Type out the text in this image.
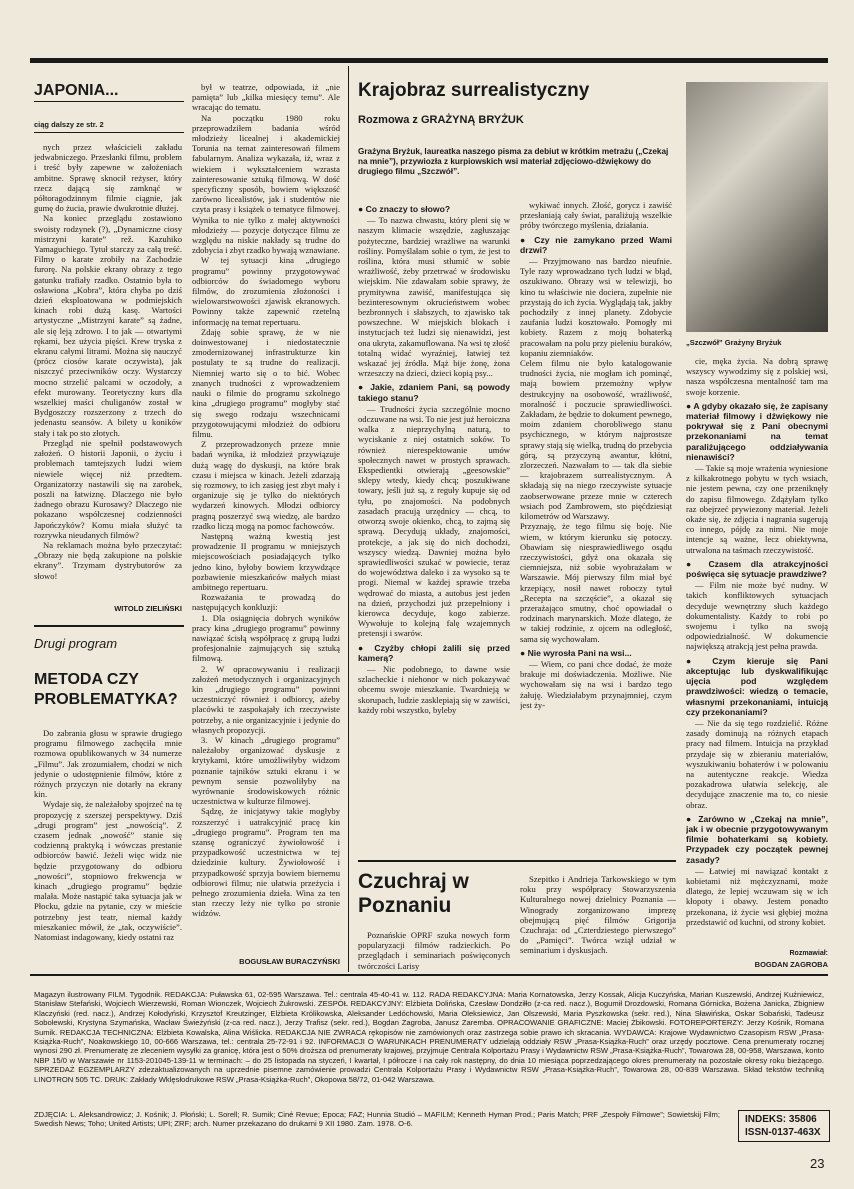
JAPONIA...
ciąg dalszy ze str. 2

nych przez właścicieli zakładu jedwabniczego. Przesłanki filmu, problem i treść były zapewne w założeniach ambitne. Sprawę sknocił reżyser, który rzecz dającą się zamknąć w półtoragodzinnym filmie ciągnie, jak gumę do żucia, prawie dwukrotnie dłużej.

Na koniec przeglądu zostawiono swoisty rodzynek (?), „Dynamiczne ciosy mistrzyni karate” rež. Kazuhiko Yamaguchiego. Tytuł starczy za całą treść. Filmy o karate zrobiły na Zachodzie furorę. Na polskie ekrany obrazy z tego gatunku trafiały rzadko. Ostatnio była to osławiona „Kobra”, która chyba po dziś dzień eksploatowana w podmiejskich kinach robi dużą kasę. Wartości artystyczne „Mistrzyni karate” są żadne, ale się leją zdrowo. I to jak — otwartymi rękami, bez użycia pięści. Krew tryska z ekranu całymi litrami. Można się nauczyć (prócz ciosów karate oczywista), jak niszczyć przeciwników oczy. Wystarczy mocno strzelić palcami w oczodoły, a efekt murowany. Teoretyczny kurs dla wszelkiej maści chuliganów został w Bydgoszczy rozszerzony z trzech do jedenastu seansów. A bilety u koników stały i tak po sto złotych.

Przegląd nie spełnił podstawowych założeń. O historii Japonii, o życiu i problemach tamtejszych ludzi wiem niewiele więcej niż przedtem. Organizatorzy nastawili się na zarobek, poszli na łatwiznę. Dlaczego nie było żadnego obrazu Kurosawy? Dlaczego nie pokazano współczesnej codzienności Japończyków? Komu miała służyć ta rozrywka nieudanych filmów?

Na reklamach można było przeczytać: „Obrazy nie będą zakupione na polskie ekrany”. Trzymam dystrybutorów za słowo!

WITOLD ZIELIŃSKI
Drugi program
METODA CZY PROBLEMATYKA?

Do zabrania głosu w sprawie drugiego programu filmowego zachęciła mnie rozmowa opublikowanych w 34 numerze „Filmu”. Jak zrozumiałem, chodzi w nich jedynie o udostępnienie filmów, które z różnych przyczyn nie dotarły na ekrany kin.

Wydaje się, że należałoby spojrzeć na tę propozycję z szerszej perspektywy. Dziś „drugi program” jest „nowością”. Z czasem jednak „nowość” stanie się codzienną praktyką i wówczas prestanie odbiorców bawić. Jeżeli więc widz nie będzie przygotowany do odbioru „nowości”, stopniowo frekwencja w kinach „drugiego programu” będzie malała. Może nastąpić taka sytuacja jak w Płocku, gdzie na pytanie, czy w mieście potrzebny jest teatr, niemal każdy mieszkaniec mówił, że „tak, oczywiście”. Natomiast indagowany, kiedy ostatni raz

był w teatrze, odpowiada, iż „nie pamięta” lub „kilka miesięcy temu”. Ale wracając do tematu.

Na początku 1980 roku przeprowadziłem badania wśród młodzieży licealnej i akademickiej Torunia na temat zainteresowań filmem fabularnym. Analiza wykazała, iż, wraz z wiekiem i wykształceniem wzrasta zainteresowanie sztuką filmową. W dość specyficzny sposób, bowiem większość zarówno licealistów, jak i studentów nie czyta prasy i książek o tematyce filmowej. Wynika to nie tylko z małej aktywności młodzieży — pozycje dotyczące filmu ze względu na niskie nakłady są trudne do zdobycia i zbyt rzadko bywają wznawiane.

W tej sytuacji kina „drugiego programu” powinny przygotowywać odbiorców do świadomego wyboru filmów, do zrozumienia złożoności i wielowarstwowości zjawisk ekranowych. Powinny także zapewnić rzetelną informację na temat repertuaru.

Zdaję sobie sprawę, że w nie doinwestowanej i niedostatecznie zmodernizowanej infrastrukturze kin postulaty te są trudne do realizacji. Niemniej warto się o to bić. Wobec znanych trudności z wprowadzeniem nauki o filmie do programu szkolnego kina „drugiego programu” mogłyby stać się swego rodzaju wszechnicami przygotowującymi młodzież do odbioru filmu.

Z przeprowadzonych przeze mnie badań wynika, iż młodzież przywiązuje dużą wagę do dyskusji, na które brak czasu i miejsca w kinach. Jeżeli zdarzają się rozmowy, to ich zasięg jest zbyt mały i organizuje się je tylko do niektórych wydarzeń kinowych. Młodzi odbiorcy pragną poszerzyć swą wiedzę, ale bardzo rzadko liczą mogą na pomoc fachowców.

Następną ważną kwestią jest prowadzenie II programu w mniejszych miejscowościach posiadających tylko jedno kino, byłoby bowiem krzywdzące pozbawienie mieszkańców małych miast ambitnego repertuaru.

Rozważania te prowadzą do następujących konkluzji:

1. Dla osiągnięcia dobrych wyników pracy kina „drugiego programu” powinny nawiązać ścisłą współpracę z grupą ludzi profesjonalnie zajmujących się sztuką filmową.

2. W opracowywaniu i realizacji założeń metodycznych i organizacyjnych kin „drugiego programu” powinni uczestniczyć również i odbiorcy, ażeby placówki te zaspokajały ich rzeczywiste potrzeby, a nie organizacyjnie i jedynie do własnych propozycji.

3. W kinach „drugiego programu” należałoby organizować dyskusje z krytykami, które umożliwiłyby widzom poznanie tajników sztuki ekranu i w pewnym sensie pozwoliłyby na wyrównanie środowiskowych różnic uczestnictwa w kulturze filmowej.

Sądzę, że inicjatywy takie mogłyby rozszerzyć i uatrakcyjnić pracę kin „drugiego programu”. Program ten ma szansę ograniczyć żywiołowość i przypadkowość uczestnictwa w tej dziedzinie kultury. Żywiołowość i przypadkowość sprzyja bowiem biernemu odbiorowi filmu; nie ułatwia przeżycia i pełnego zrozumienia dzieła. Wina za ten stan rzeczy leży nie tylko po stronie widzów.

BOGUSŁAW BURACZYŃSKI
Krajobraz surrealistyczny
Rozmowa z GRAŻYNĄ BRYŻUK
Grażyna Bryżuk, laureatka naszego pisma za debiut w krótkim metrażu („Czekaj na mnie”), przywiozła z kurpiowskich wsi materiał zdjęciowo-dźwiękowy do drugiego filmu „Szczwół”.
„Szczwół” Grażyny Bryżuk
● Co znaczy to słowo?

— To nazwa chwastu, który pleni się w naszym klimacie wszędzie, zagłuszając pożyteczne, bardziej wrażliwe na warunki rośliny. Pomyślałam sobie o tym, że jest to roślina, która musi stłumić w sobie wrażliwość, żeby przetrwać w środowisku wiejskim. Nie zdawałam sobie sprawy, że prymitywna zawiść, manifestująca się bezinteresownym okrucieństwem wobec bezbronnych i słabszych, to zjawisko tak powszechne. W miejskich blokach i instytucjach też ludzi się nienawidzi, jest ona ukryta, zakamuflowana. Na wsi tę złość totalną widać wyraźniej, łatwiej też wskazać jej źródła. Mąż bije żonę, żona wrzeszczy na dzieci, dzieci kopią psy...

● Jakie, zdaniem Pani, są powody takiego stanu?

— Trudności życia szczególnie mocno odczuwane na wsi. To nie jest już heroiczna walka z nieprzychylną naturą, to wyciskanie z niej ostatnich soków. To również nierespektowanie umów społecznych nawet w prostych sprawach. Ekspedientki otwierają „geesowskie” sklepy wtedy, kiedy chcą; poszukiwane towary, jeśli już są, z reguły kupuje się od tyłu, po znajomości. Na podobnych zasadach pracują urzędnicy — chcą, to otworzą swoje okienko, chcą, to zajmą się sprawą. Decydują układy, znajomości, protekcje, a jak się do nich dochodzi, wszyscy wiedzą. Dawniej można było sprawiedliwości szukać w powiecie, teraz do województwa daleko i za wysoko są te progi. Niemal w każdej sprawie trzeba wędrować do miasta, a autobus jest jeden na dzień, przychodzi już przepełniony i kierowca decyduje, kogo zabierze. Wywołuje to kolejną falę wzajemnych pretensji i swarów.

● Czyżby chłopi żalili się przed kamerą?

— Nic podobnego, to dawne wsie szlacheckie i niehonor w nich pokazywać obcemu swoje mieszkanie. Twardnieją w skorupach, ludzie zasklepiają się w zawiści, każdy robi wszystko, byleby

wykiwać innych. Złość, gorycz i zawiść przesłaniają cały świat, paraliżują wszelkie próby twórczego myślenia, działania.

● Czy nie zamykano przed Wami drzwi?

— Przyjmowano nas bardzo nieufnie. Tyle razy wprowadzano tych ludzi w błąd, oszukiwano. Obrazy wsi w telewizji, bo kino tu właściwie nie dociera, zupełnie nie przystają do ich życia. Wyglądają tak, jakby pochodziły z innej planety. Zdobycie zaufania ludzi kosztowało. Pomogły mi kobiety. Razem z mojq bohaterką pracowałam na polu przy pieleniu buraków, kopaniu ziemniaków.
Celem filmu nie było katalogowanie trudności życia, nie mogłam ich pominąć, mają bowiem przemożny wpływ destrukcyjny na osobowość, wrażliwość, moralność i poczucie sprawiedliwości. Zakładam, że będzie to dokument pewnego, moim zdaniem chorobliwego stanu psychicznego, w którym najprostsze sprawy stają się wielką, trudną do przebycia górą, są przyczyną awantur, kłótni, zlorzeczeń. Nazwałam to — tak dla siebie — krajobrazem surrealistycznym. A składają się na niego rzeczywiste sytuacje zaobserwowane przeze mnie w czterech wsiach pod Zambrowem, sto pięćdziesiąt kilometrów od Warszawy.
Przyznaję, że tego filmu się boję. Nie wiem, w którym kierunku się potoczy. Obawiam się niesprawiedliwego osądu rzeczywistości, gdyż ona okazała się ciemniejsza, niż sobie wyobrażałam w Warszawie. Mój pierwszy film miał być krzepiący, nosił nawet roboczy tytuł „Recepta na szczęście”, a okazał się przerażająco smutny, choć opowiadał o rodzinach marynarskich. Może dlatego, że w takiej rodzinie, z ojcem na odległość, sama się wychowałam.

● Nie wyrosła Pani na wsi...

— Wiem, co pani chce dodać, że może brakuje mi doświadczenia. Możliwe. Nie wychowałam się na wsi i bardzo tego żałuję. Wiedziałabym przynajmniej, czym jest ży-

cie, męka życia. Na dobrą sprawę wszyscy wywodzimy się z polskiej wsi, nasza współczesna mentalność tam ma swoje korzenie.

● A gdyby okazało się, że zapisany materiał filmowy i dźwiękowy nie pokrywał się z Pani obecnymi przekonaniami na temat paraliżującego oddziaływania nienawiści?

— Takie są moje wrażenia wyniesione z kilkakrotnego pobytu w tych wsiach, nie jestem pewna, czy one przeniknęły do zapisu filmowego. Zdążyłam tylko raz obejrzeć prywiezony materiał. Jeżeli okaże się, że zdjęcia i nagrania sugerują co innego, pójdę za nimi. Nie moje intencje są ważne, lecz obiektywna, utrwalona na taśmach rzeczywistość.

● Czasem dla atrakcyjności poświęca się sytuacje prawdziwe?

— Film nie może być nudny. W takich konfliktowych sytuacjach decyduje wewnętrzny słuch każdego dokumentalisty. Każdy to robi po swojemu i tylko na swoją odpowiedzialność. W dokumencie największą atrakcją jest pełna prawda.

● Czym kieruje się Pani akceptując lub dyskwalifikując ujęcia pod względem prawdziwości: wiedzą o temacie, własnymi przekonaniami, intuicją czy przekonaniami?

— Nie da się tego rozdzielić. Różne zasady dominują na różnych etapach pracy nad filmem. Intuicja na przykład przydaje się w zbieraniu materiałów, wyszukiwaniu bohaterów i w polowaniu na autentyczne reakcje. Wiedza pozakadrowa ułatwia selekcję, ale decydujące znaczenie ma to, co niesie obraz.

● Zarówno w „Czekaj na mnie”, jak i w obecnie przygotowywanym filmie bohaterkami są kobiety. Przypadek czy początek pewnej zasady?

— Łatwiej mi nawiązać kontakt z kobietami niż mężczyznami, może dlatego, że lepiej wczuwam się w ich kłopoty i obawy. Jestem ponadto przekonana, iż życie wsi głębiej można przedstawić od kuchni, od strony kobiet.

Rozmawiał:
BOGDAN ZAGROBA
Czuchraj w Poznaniu

Poznańskie OPRF szuka nowych form popularyzacji filmów radzieckich. Po przeglądach i seminariach poświęconych twórczości Larisy

Szepitko i Andrieja Tarkowskiego w tym roku przy współpracy Stowarzyszenia Kulturalnego nowej dzielnicy Poznania — Winogrady zorganizowano imprezę obejmującą pięć filmów Grigorija Czuchraja: od „Czterdziestego pierwszego” do „Pamięci”. Twórca wziął udział w seminarium i dyskusjach.

Magazyn ilustrowany FILM. Tygodnik. REDAKCJA: Puławska 61, 02-595 Warszawa. Tel.: centrala 45-40-41 w. 112. RADA REDAKCYJNA: Maria Kornatowska, Jerzy Kossak, Alicja Kuczyńska, Marian Kuszewski, Andrzej Kuźniewicz, Stanisław Stefański, Wojciech Wierzewski, Roman Wionczek, Wojciech Żukrowski. ZESPÓŁ REDAKCYJNY: Elżbieta Dolińska, Czesław Dondziłło (z-ca red. nacz.), Bogumił Drozdowski, Romana Górnicka, Bożena Janicka, Zbigniew Klaczyński (red. nacz.), Andrzej Kołodyński, Krzysztof Kreutzinger, Elżbieta Królikowska, Aleksander Ledóchowski, Maria Oleksiewicz, Jan Olszewski, Maria Pyszkowska (sekr. red.), Nina Sławińska, Oskar Sobański, Tadeusz Sobolewski, Krystyna Szymańska, Wacław Świeżyński (z-ca red. nacz.), Jerzy Trafisz (sekr. red.), Bogdan Zagroba, Janusz Zaremba. OPRACOWANIE GRAFICZNE: Maciej Żbikowski. FOTOREPORTERZY: Jerzy Kośnik, Romana Sumik. REDAKCJA TECHNICZNA: Elżbieta Kowalska, Alina Wiślicka. REDAKCJA NIE ZWRACA rękopisów nie zamówionych oraz zastrzega sobie prawo ich skracania. WYDAWCA: Krajowe Wydawnictwo Czasopism RSW „Prasa-Książka-Ruch”, Noakowskiego 10, 00-666 Warszawa, tel.: centrala 25-72-91 i 92. INFORMACJI O WARUNKACH PRENUMERATY udzielają oddziały RSW „Prasa-Książka-Ruch” oraz urzędy pocztowe. Cena prenumeraty rocznej wynosi 290 zł. Prenumeratę ze zleceniem wysyłki za granicę, która jest o 50% droższa od prenumeraty krajowej, przyjmuje Centrala Kolportażu Prasy i Wydawnictw RSW „Prasa-Książka-Ruch”, Towarowa 28, 00-958, Warszawa, konto NBP 15/0 w Warszawie nr 1153-201045-139-11 w terminach: – do 25 listopada na styczeń, I kwartał, I półrocze i na cały rok następny, do dnia 10 miesiąca poprzedzającego okres prenumeraty na pozostałe okresy roku bieżącego. SPRZEDAŻ EGZEMPLARZY zdezaktualizowanych na uprzednie pisemne zamówienie prowadzi Centrala Kolportażu Prasy i Wydawnictw RSW „Prasa-Książka-Ruch”, Towarowa 28, 00-839 Warszawa. Skład tekstów techniką LINOTRON 505 TC. DRUK: Zakłady Wklęsłodrukowe RSW „Prasa-Książka-Ruch”, Okopowa 58/72, 01-042 Warszawa.
ZDJĘCIA: L. Aleksandrowicz; J. Kośnik; J. Płoński; L. Sorell; R. Sumik; Ciné Revue; Epoca; FAZ; Hunnia Studió – MAFILM; Kenneth Hyman Prod.; Paris Match; PRF „Zespoły Filmowe”; Sowietskij Film; Swedish News; Toho; United Artists; UPI; ZRF; arch. Numer przekazano do drukarni 9 XII 1980. Zam. 1978. O-6.	INDEKS: 35806
ISSN-0137-463X
23
